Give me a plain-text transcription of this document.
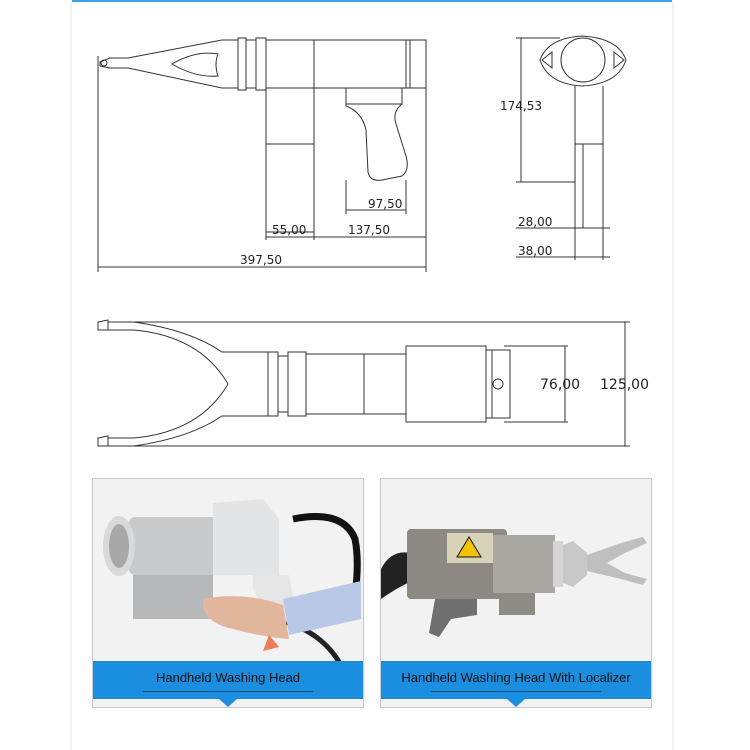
397,50
137,50
55,00
97,50
174,53
28,00
38,00
76,00 125,00
Handheld Washing Head	Handheld Washing Head With Localizer
